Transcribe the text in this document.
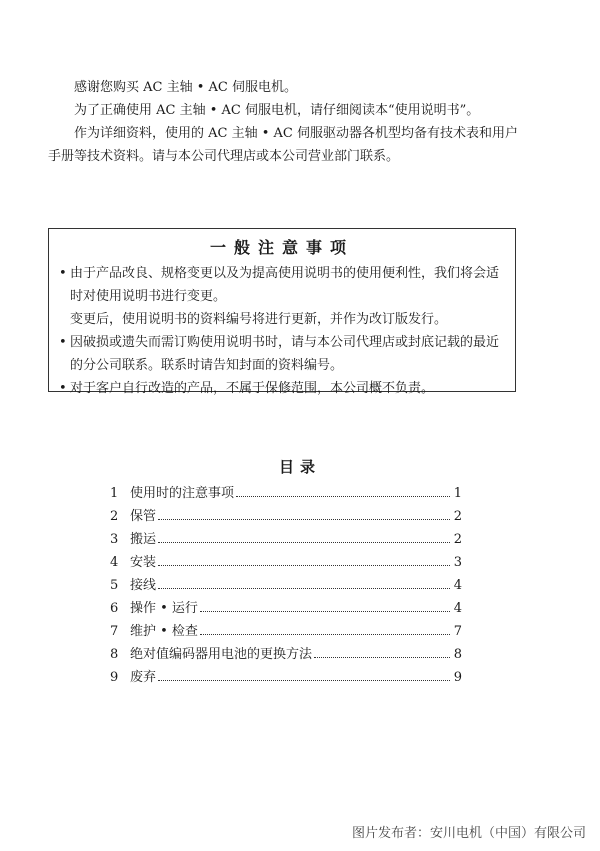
感谢您购买 AC 主轴 • AC 伺服电机。

为了正确使用 AC 主轴 • AC 伺服电机，请仔细阅读本“使用说明书”。

作为详细资料，使用的 AC 主轴 • AC 伺服驱动器各机型均备有技术表和用户手册等技术资料。请与本公司代理店或本公司营业部门联系。

一般注意事项
• 由于产品改良、规格变更以及为提高使用说明书的使用便利性，我们将会适时对使用说明书进行变更。
变更后，使用说明书的资料编号将进行更新，并作为改订版发行。
• 因破损或遗失而需订购使用说明书时，请与本公司代理店或封底记载的最近的分公司联系。联系时请告知封面的资料编号。
• 对于客户自行改造的产品，不属于保修范围，本公司概不负责。
目录
1 使用时的注意事项	1
2 保管	2
3 搬运	2
4 安装	3
5 接线	4
6 操作 • 运行	4
7 维护 • 检查	7
8 绝对值编码器用电池的更换方法	8
9 废弃	9
图片发布者：安川电机（中国）有限公司
